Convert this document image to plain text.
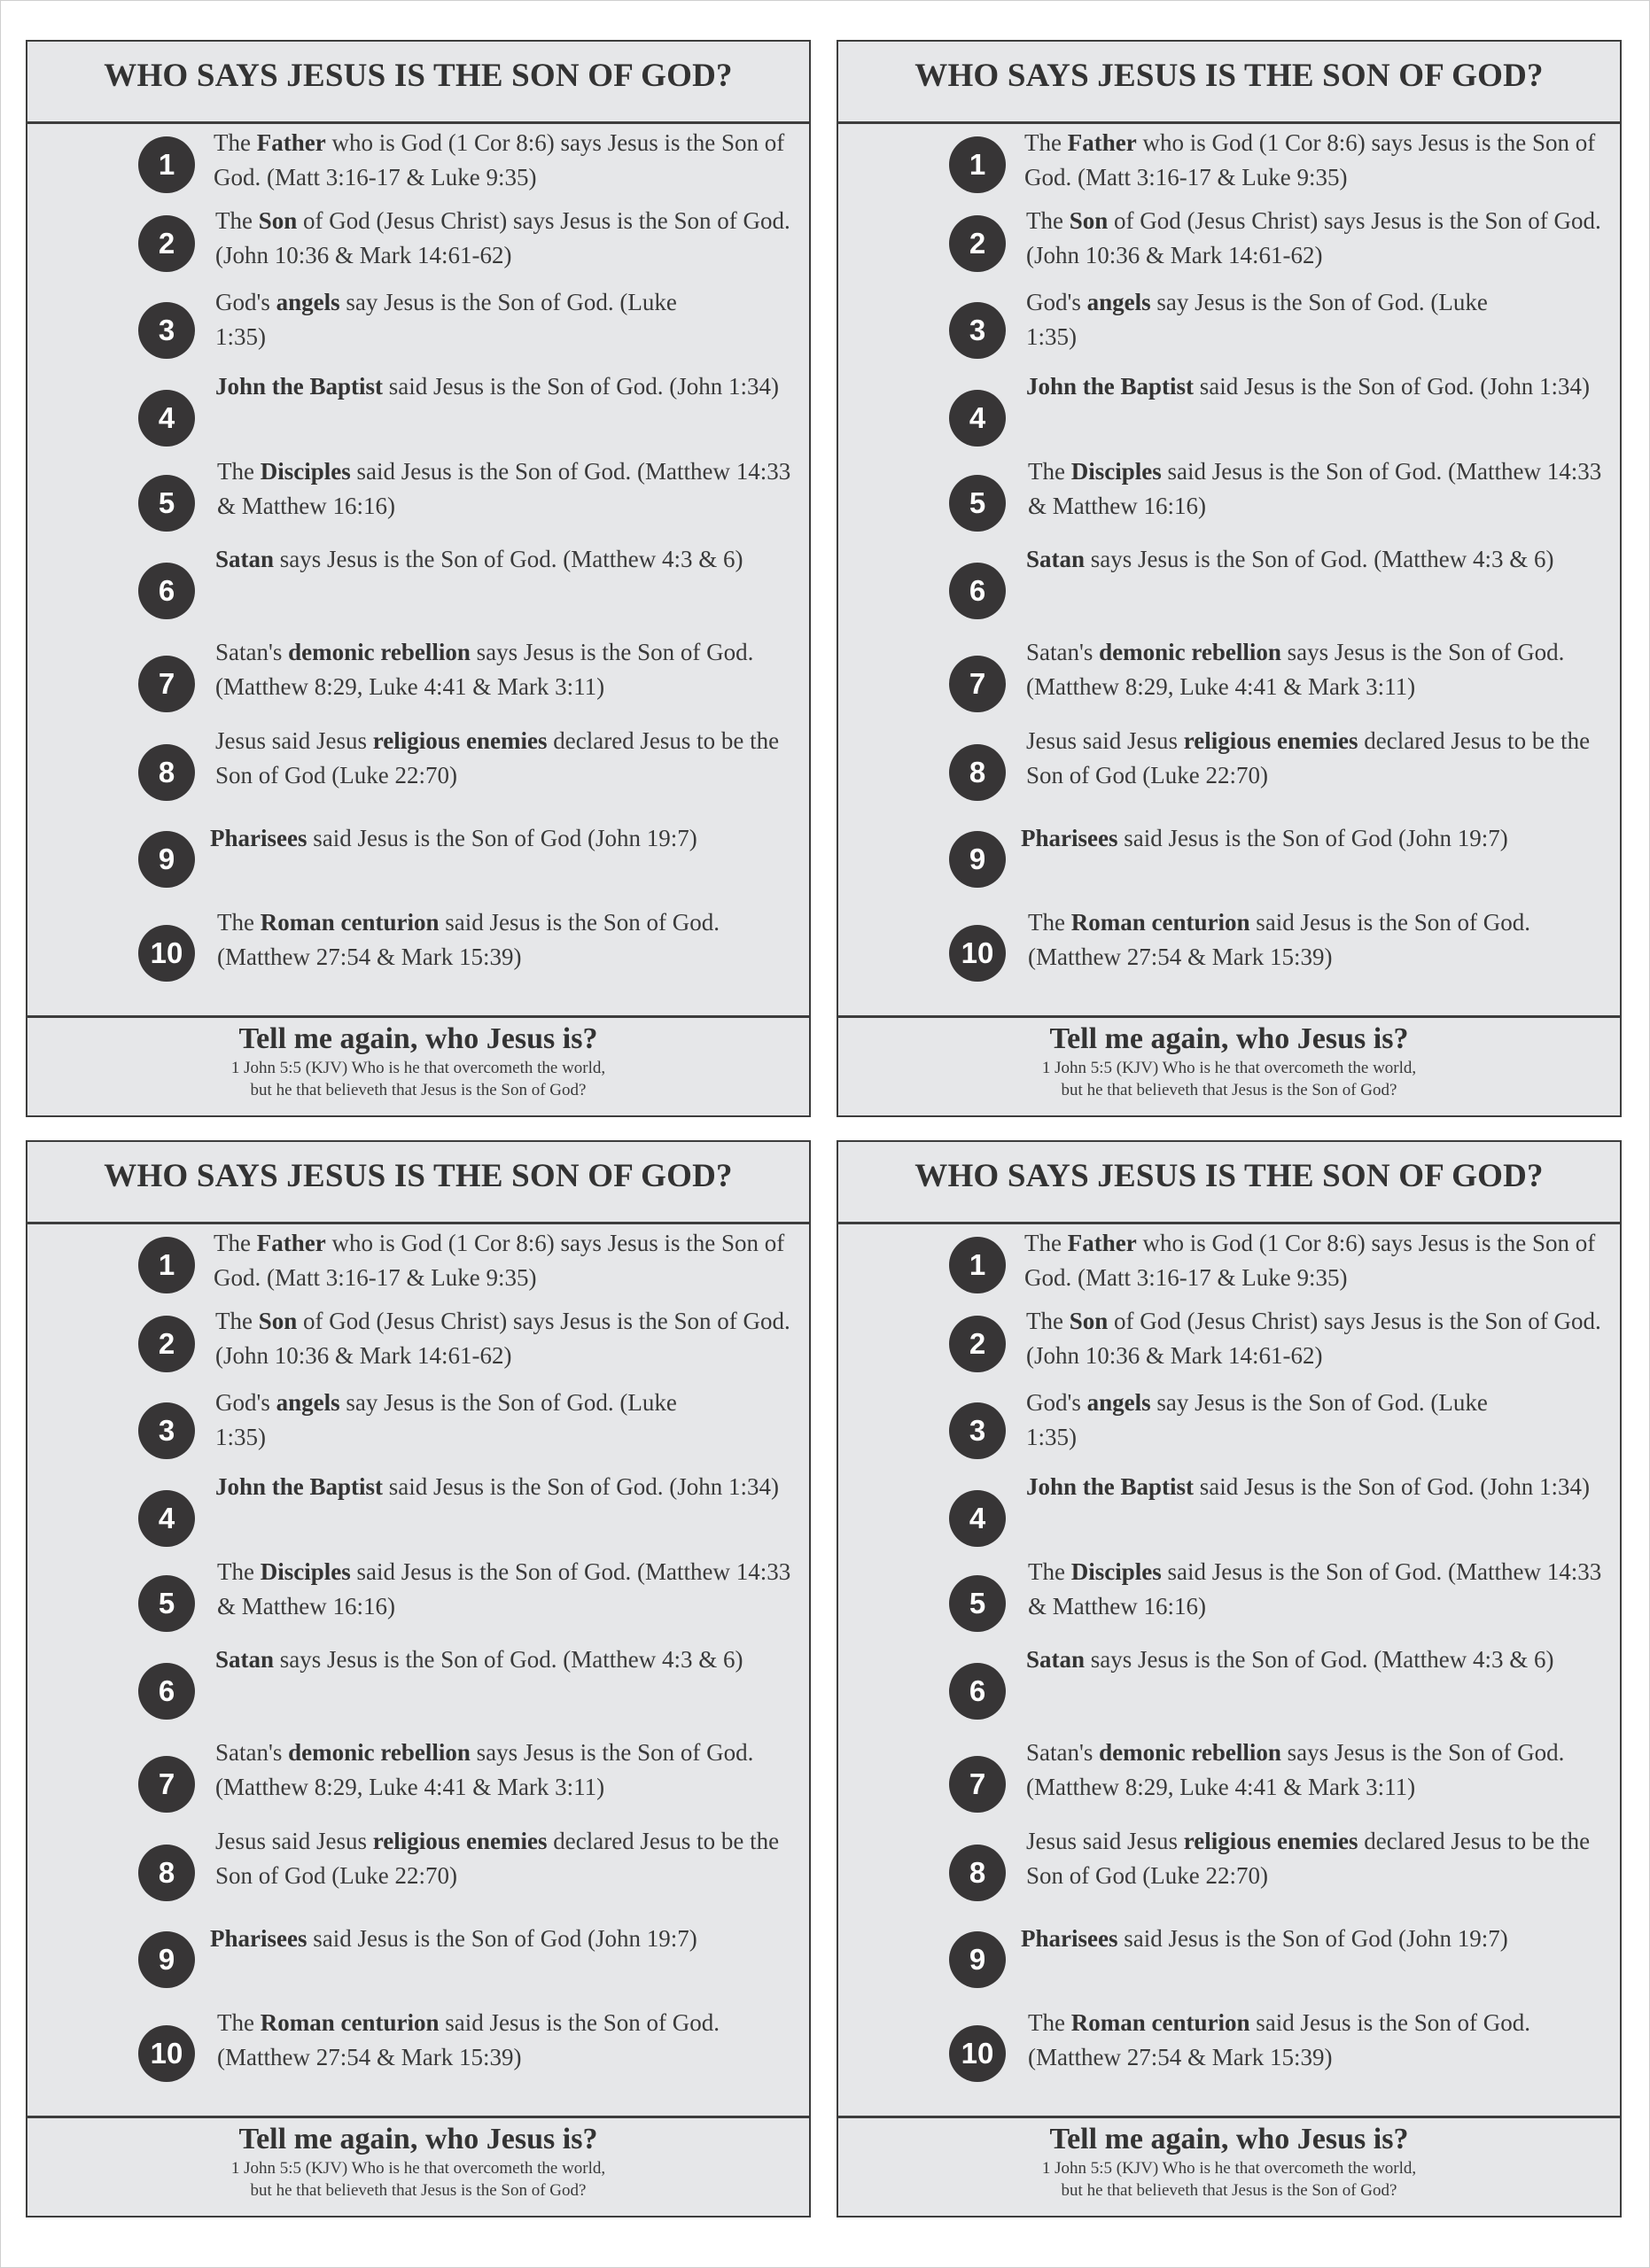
WHO SAYS JESUS IS THE SON OF GOD?
1
The Father who is God (1 Cor 8:6) says Jesus is the Son of God. (Matt 3:16-17 & Luke 9:35)
2
The Son of God (Jesus Christ) says Jesus is the Son of God. (John 10:36 & Mark 14:61-62)
3
God's angels say Jesus is the Son of God. (Luke 1:35)
4
John the Baptist said Jesus is the Son of God. (John 1:34)
5
The Disciples said Jesus is the Son of God. (Matthew 14:33 & Matthew 16:16)
6
Satan says Jesus is the Son of God. (Matthew 4:3 & 6)
7
Satan's demonic rebellion says Jesus is the Son of God. (Matthew 8:29, Luke 4:41 & Mark 3:11)
8
Jesus said Jesus religious enemies declared Jesus to be the Son of God (Luke 22:70)
9
Pharisees said Jesus is the Son of God (John 19:7)
10
The Roman centurion said Jesus is the Son of God. (Matthew 27:54 & Mark 15:39)
Tell me again, who Jesus is?
1 John 5:5 (KJV) Who is he that overcometh the world,
but he that believeth that Jesus is the Son of God?
WHO SAYS JESUS IS THE SON OF GOD?
1
The Father who is God (1 Cor 8:6) says Jesus is the Son of God. (Matt 3:16-17 & Luke 9:35)
2
The Son of God (Jesus Christ) says Jesus is the Son of God. (John 10:36 & Mark 14:61-62)
3
God's angels say Jesus is the Son of God. (Luke 1:35)
4
John the Baptist said Jesus is the Son of God. (John 1:34)
5
The Disciples said Jesus is the Son of God. (Matthew 14:33 & Matthew 16:16)
6
Satan says Jesus is the Son of God. (Matthew 4:3 & 6)
7
Satan's demonic rebellion says Jesus is the Son of God. (Matthew 8:29, Luke 4:41 & Mark 3:11)
8
Jesus said Jesus religious enemies declared Jesus to be the Son of God (Luke 22:70)
9
Pharisees said Jesus is the Son of God (John 19:7)
10
The Roman centurion said Jesus is the Son of God. (Matthew 27:54 & Mark 15:39)
Tell me again, who Jesus is?
1 John 5:5 (KJV) Who is he that overcometh the world,
but he that believeth that Jesus is the Son of God?
WHO SAYS JESUS IS THE SON OF GOD?
1
The Father who is God (1 Cor 8:6) says Jesus is the Son of God. (Matt 3:16-17 & Luke 9:35)
2
The Son of God (Jesus Christ) says Jesus is the Son of God. (John 10:36 & Mark 14:61-62)
3
God's angels say Jesus is the Son of God. (Luke 1:35)
4
John the Baptist said Jesus is the Son of God. (John 1:34)
5
The Disciples said Jesus is the Son of God. (Matthew 14:33 & Matthew 16:16)
6
Satan says Jesus is the Son of God. (Matthew 4:3 & 6)
7
Satan's demonic rebellion says Jesus is the Son of God. (Matthew 8:29, Luke 4:41 & Mark 3:11)
8
Jesus said Jesus religious enemies declared Jesus to be the Son of God (Luke 22:70)
9
Pharisees said Jesus is the Son of God (John 19:7)
10
The Roman centurion said Jesus is the Son of God. (Matthew 27:54 & Mark 15:39)
Tell me again, who Jesus is?
1 John 5:5 (KJV) Who is he that overcometh the world,
but he that believeth that Jesus is the Son of God?
WHO SAYS JESUS IS THE SON OF GOD?
1
The Father who is God (1 Cor 8:6) says Jesus is the Son of God. (Matt 3:16-17 & Luke 9:35)
2
The Son of God (Jesus Christ) says Jesus is the Son of God. (John 10:36 & Mark 14:61-62)
3
God's angels say Jesus is the Son of God. (Luke 1:35)
4
John the Baptist said Jesus is the Son of God. (John 1:34)
5
The Disciples said Jesus is the Son of God. (Matthew 14:33 & Matthew 16:16)
6
Satan says Jesus is the Son of God. (Matthew 4:3 & 6)
7
Satan's demonic rebellion says Jesus is the Son of God. (Matthew 8:29, Luke 4:41 & Mark 3:11)
8
Jesus said Jesus religious enemies declared Jesus to be the Son of God (Luke 22:70)
9
Pharisees said Jesus is the Son of God (John 19:7)
10
The Roman centurion said Jesus is the Son of God. (Matthew 27:54 & Mark 15:39)
Tell me again, who Jesus is?
1 John 5:5 (KJV) Who is he that overcometh the world,
but he that believeth that Jesus is the Son of God?
